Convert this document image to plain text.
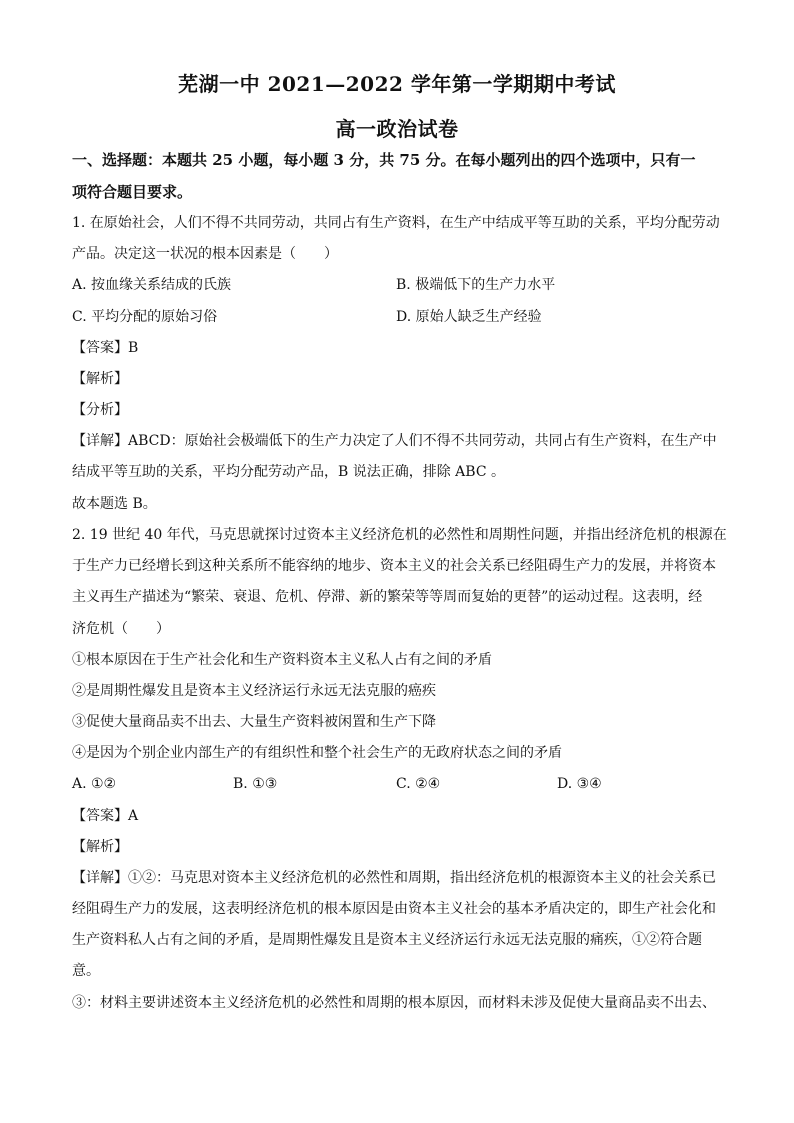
芜湖一中 2021—2022 学年第一学期期中考试
高一政治试卷
一、选择题：本题共 25 小题，每小题 3 分，共 75 分。在每小题列出的四个选项中，只有一
项符合题目要求。
1. 在原始社会，人们不得不共同劳动，共同占有生产资料，在生产中结成平等互助的关系，平均分配劳动
产品。决定这一状况的根本因素是（　　）
A. 按血缘关系结成的氏族	B. 极端低下的生产力水平
C. 平均分配的原始习俗	D. 原始人缺乏生产经验
【答案】B
【解析】
【分析】
【详解】ABCD：原始社会极端低下的生产力决定了人们不得不共同劳动，共同占有生产资料，在生产中
结成平等互助的关系，平均分配劳动产品，B 说法正确，排除 ABC 。
故本题选 B。
2. 19 世纪 40 年代，马克思就探讨过资本主义经济危机的必然性和周期性问题，并指出经济危机的根源在
于生产力已经增长到这种关系所不能容纳的地步、资本主义的社会关系已经阻碍生产力的发展，并将资本
主义再生产描述为“繁荣、衰退、危机、停滞、新的繁荣等等周而复始的更替”的运动过程。这表明，经
济危机（　　）
①根本原因在于生产社会化和生产资料资本主义私人占有之间的矛盾
②是周期性爆发且是资本主义经济运行永远无法克服的癌疾
③促使大量商品卖不出去、大量生产资料被闲置和生产下降
④是因为个别企业内部生产的有组织性和整个社会生产的无政府状态之间的矛盾
A. ①②	B. ①③	C. ②④	D. ③④
【答案】A
【解析】
【详解】①②：马克思对资本主义经济危机的必然性和周期，指出经济危机的根源资本主义的社会关系已
经阻碍生产力的发展，这表明经济危机的根本原因是由资本主义社会的基本矛盾决定的，即生产社会化和
生产资料私人占有之间的矛盾，是周期性爆发且是资本主义经济运行永远无法克服的痛疾，①②符合题
意。
③：材料主要讲述资本主义经济危机的必然性和周期的根本原因，而材料未涉及促使大量商品卖不出去、
